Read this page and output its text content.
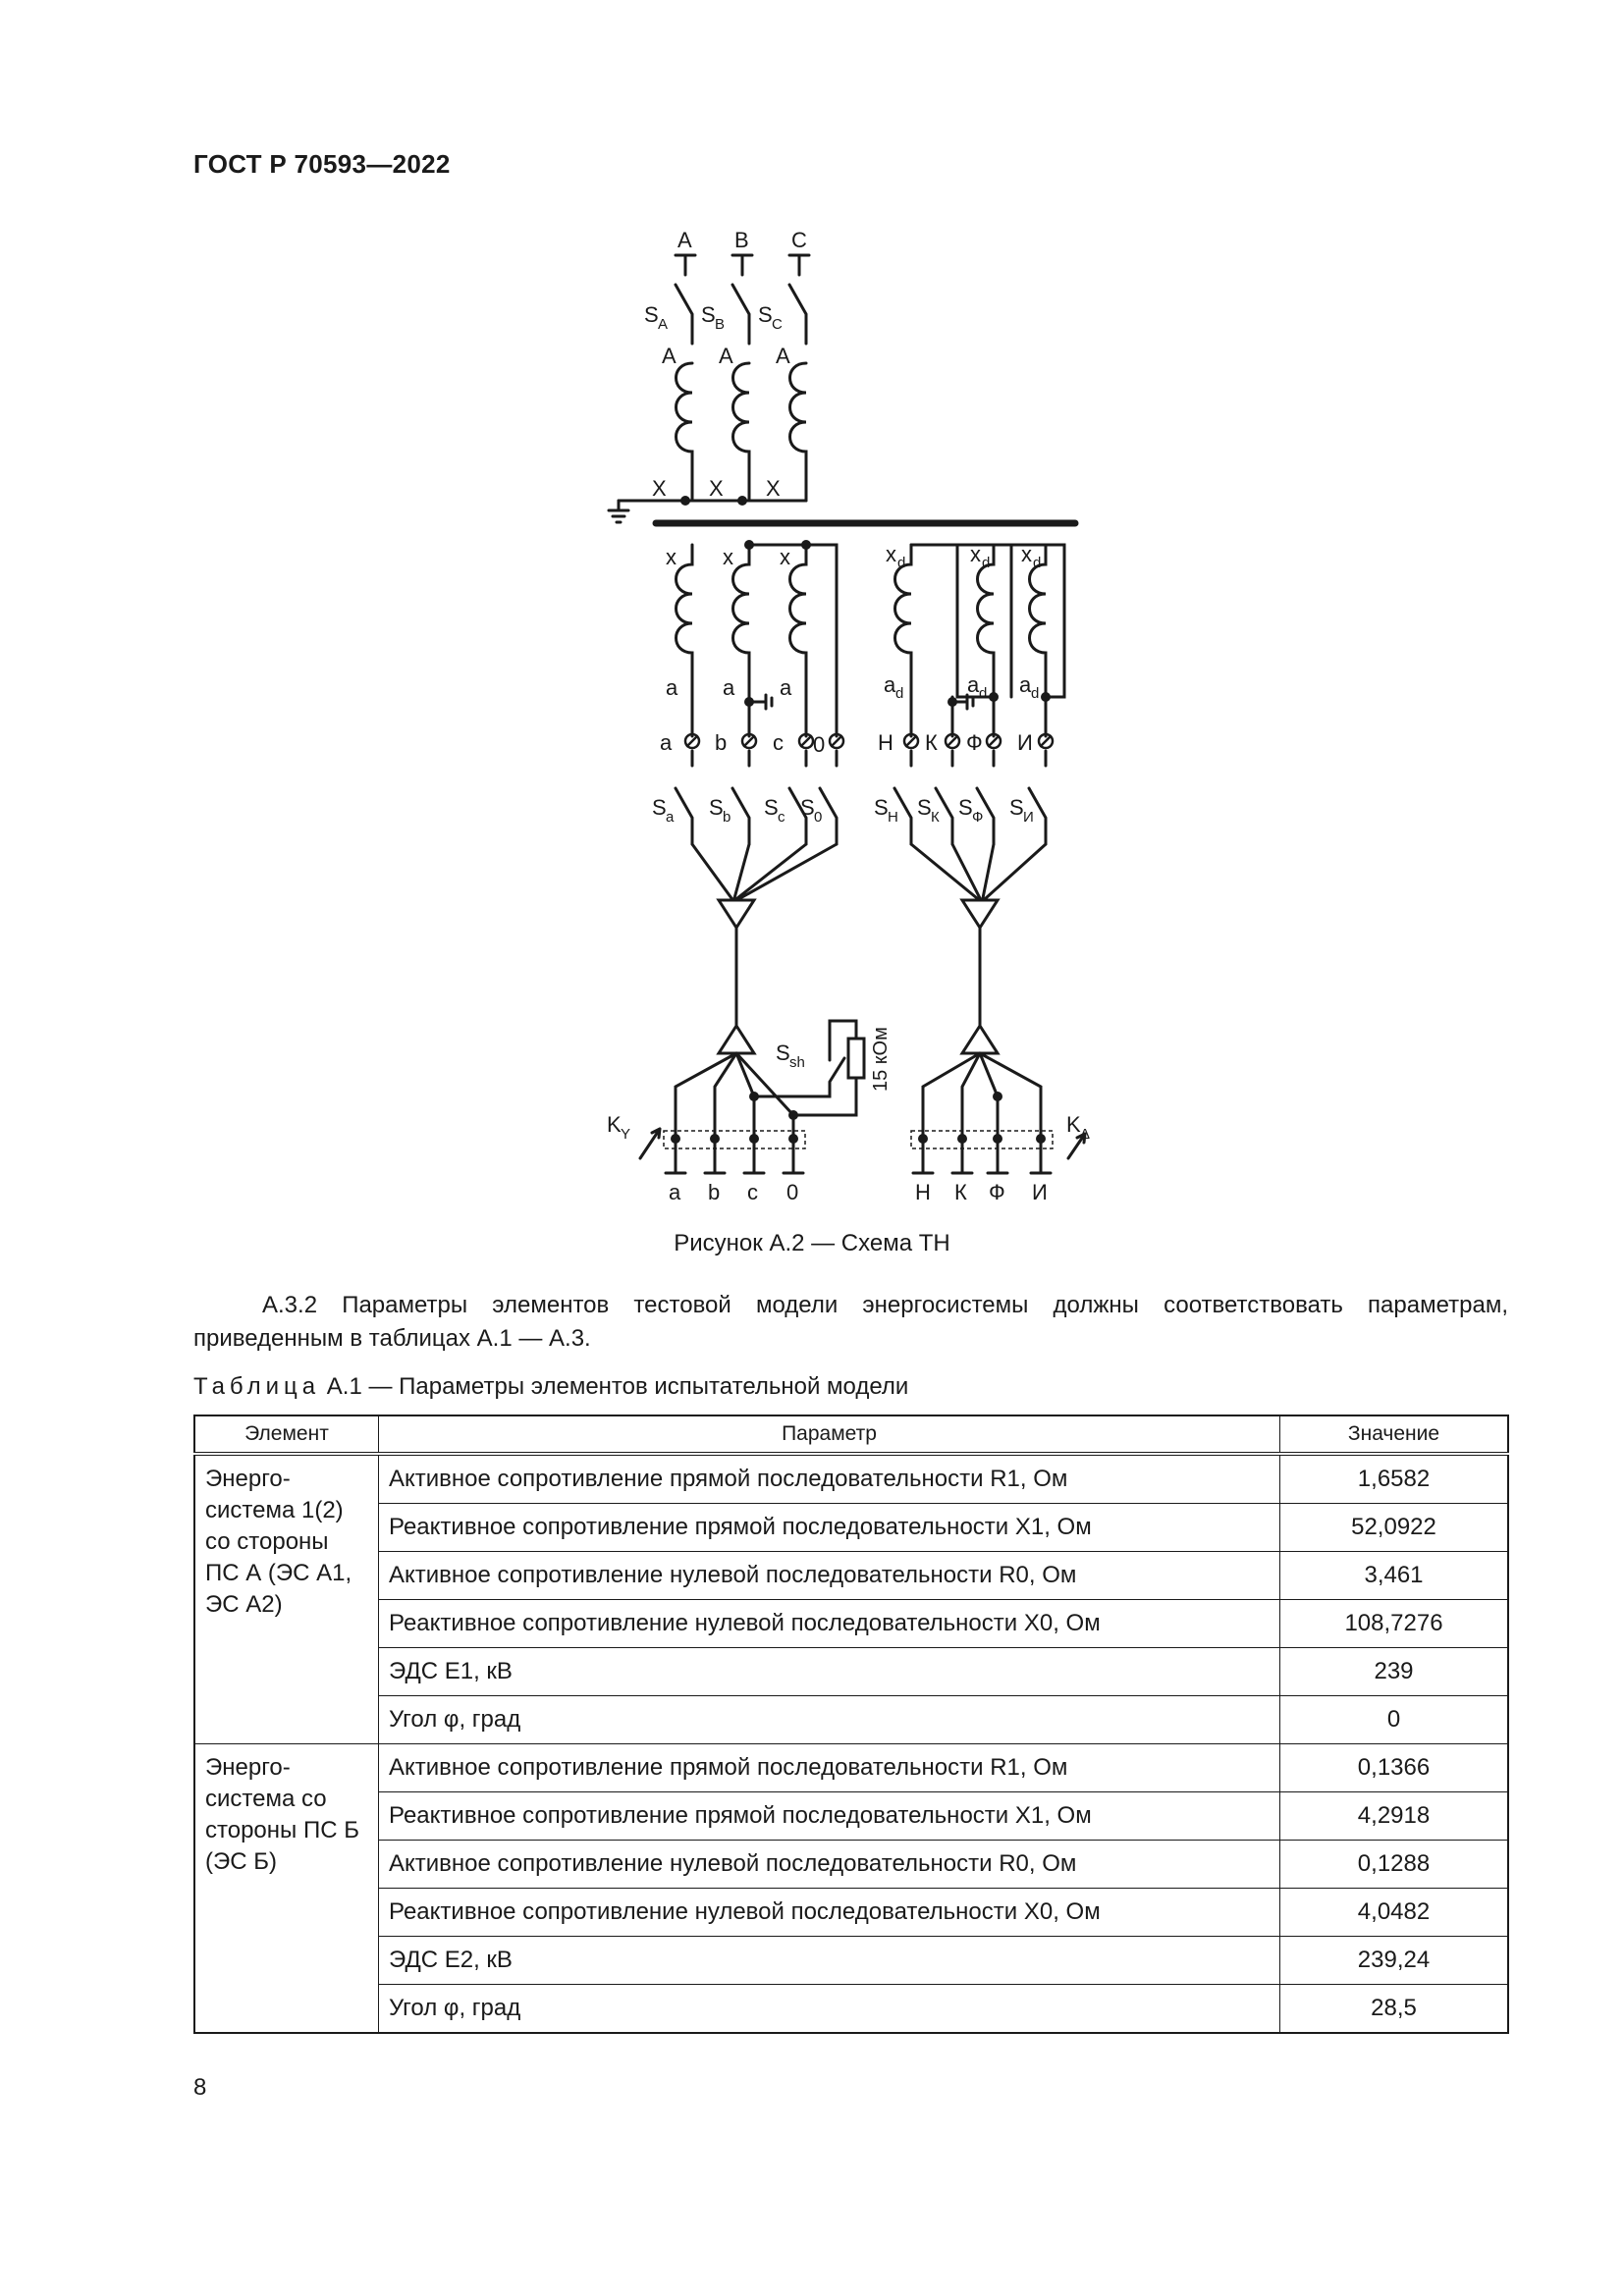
ГОСТ Р 70593—2022
A B C
S A S B S C
A A A
X X X
x x x
a a a
x d	x d x d
a d	a d a d
a b c 0 Н К Ф И
S a S b S c S 0 S Н S К S Ф S И
S sh	15 кОм
K Y	K Δ
a b c 0	Н К Ф И
Рисунок А.2 — Схема ТН
А.3.2 Параметры элементов тестовой модели энергосистемы должны соответствовать параметрам, приведенным в таблицах А.1 — А.3.
Таблица А.1 — Параметры элементов испытательной модели
Элемент	Параметр	Значение
Энерго-система 1(2) со стороны ПС А (ЭС А1, ЭС А2)	Активное сопротивление прямой последовательности R1, Ом	1,6582
	Реактивное сопротивление прямой последовательности X1, Ом	52,0922
	Активное сопротивление нулевой последовательности R0, Ом	3,461
	Реактивное сопротивление нулевой последовательности X0, Ом	108,7276
	ЭДС Е1, кВ	239
	Угол φ, град	0
Энерго-система со стороны ПС Б (ЭС Б)	Активное сопротивление прямой последовательности R1, Ом	0,1366
	Реактивное сопротивление прямой последовательности X1, Ом	4,2918
	Активное сопротивление нулевой последовательности R0, Ом	0,1288
	Реактивное сопротивление нулевой последовательности X0, Ом	4,0482
	ЭДС Е2, кВ	239,24
	Угол φ, град	28,5
8
